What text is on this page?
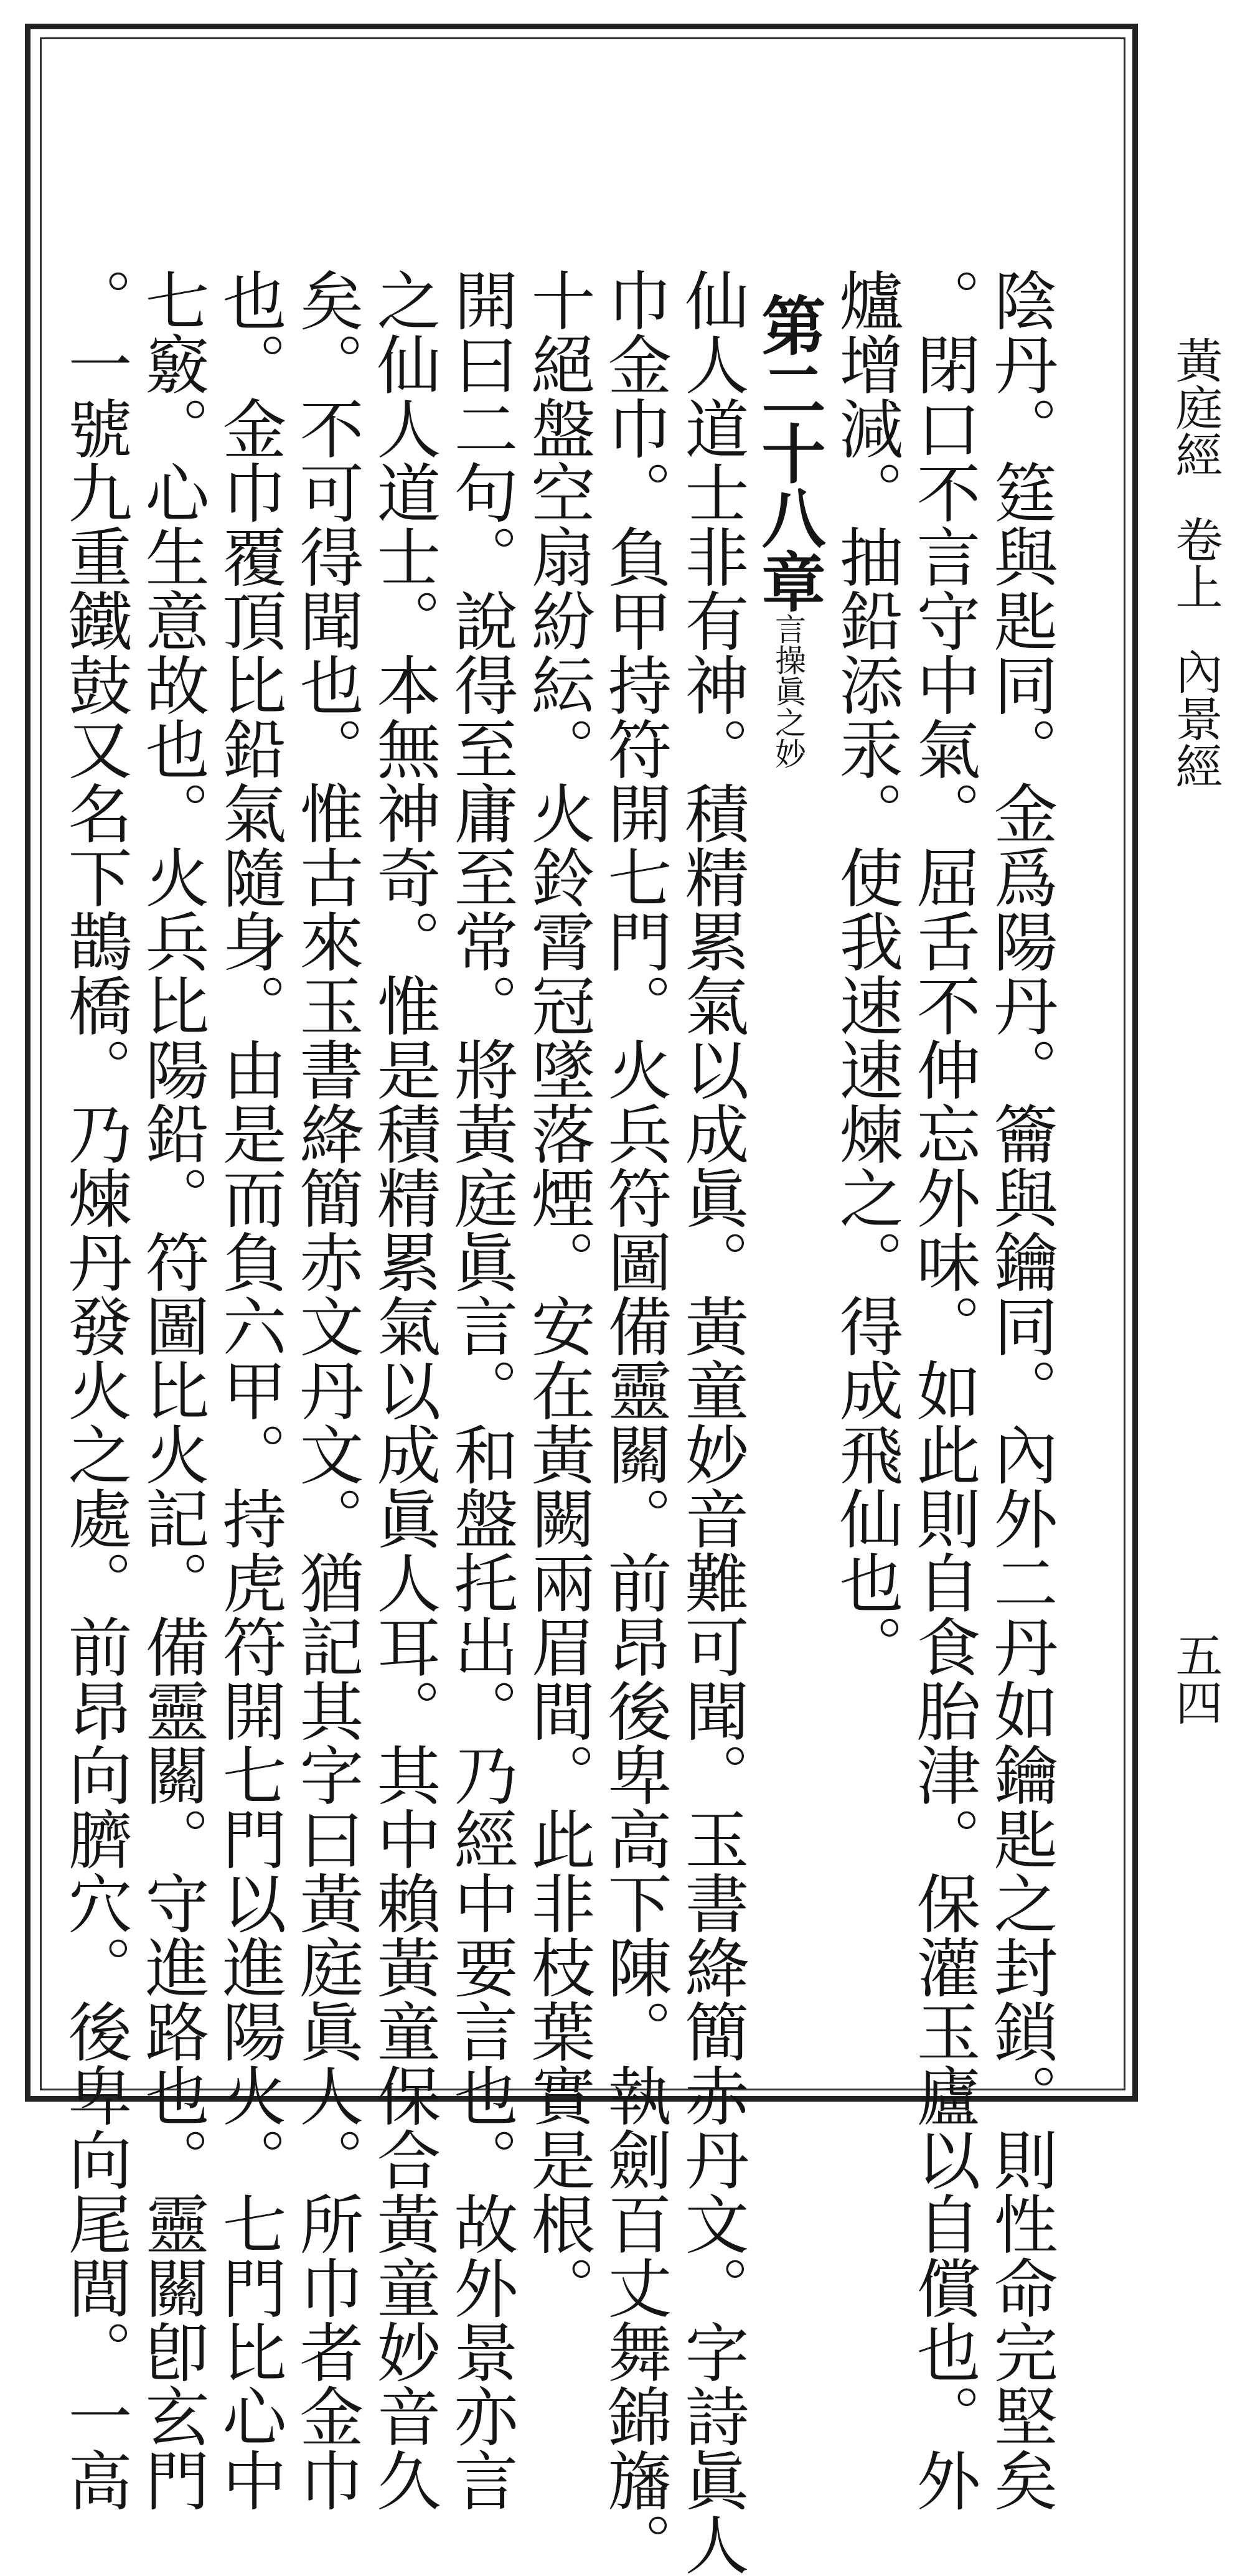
黃庭經卷上內景經
五四
陰丹。筳與匙同。金爲陽丹。籥與鑰同。內外二丹如鑰匙之封鎖。則性命完堅矣
。閉口不言守中氣。屈舌不伸忘外味。如此則自食胎津。保灌玉廬以自償也。外
爐增減。抽鉛添汞。使我速速煉之。得成飛仙也。
第二十八章言操眞之妙
仙人道士非有神。積精累氣以成眞。黃童妙音難可聞。玉書絳簡赤丹文。字詩眞人
巾金巾。負甲持符開七門。火兵符圖備靈關。前昂後卑高下陳。執劍百丈舞錦旛。
十絕盤空扇紛紜。火鈴霄冠墜落煙。安在黃闕兩眉間。此非枝葉實是根。
開曰二句。說得至庸至常。將黃庭眞言。和盤托出。乃經中要言也。故外景亦言
之仙人道士。本無神奇。惟是積精累氣以成眞人耳。其中賴黃童保合黃童妙音久
矣。不可得聞也。惟古來玉書絳簡赤文丹文。猶記其字曰黃庭眞人。所巾者金巾
也。金巾覆頂比鉛氣隨身。由是而負六甲。持虎符開七門以進陽火。七門比心中
七竅。心生意故也。火兵比陽鉛。符圖比火記。備靈關。守進路也。靈關卽玄門
。一號九重鐵鼓又名下鵲橋。乃煉丹發火之處。前昂向臍穴。後卑向尾閭。一高
